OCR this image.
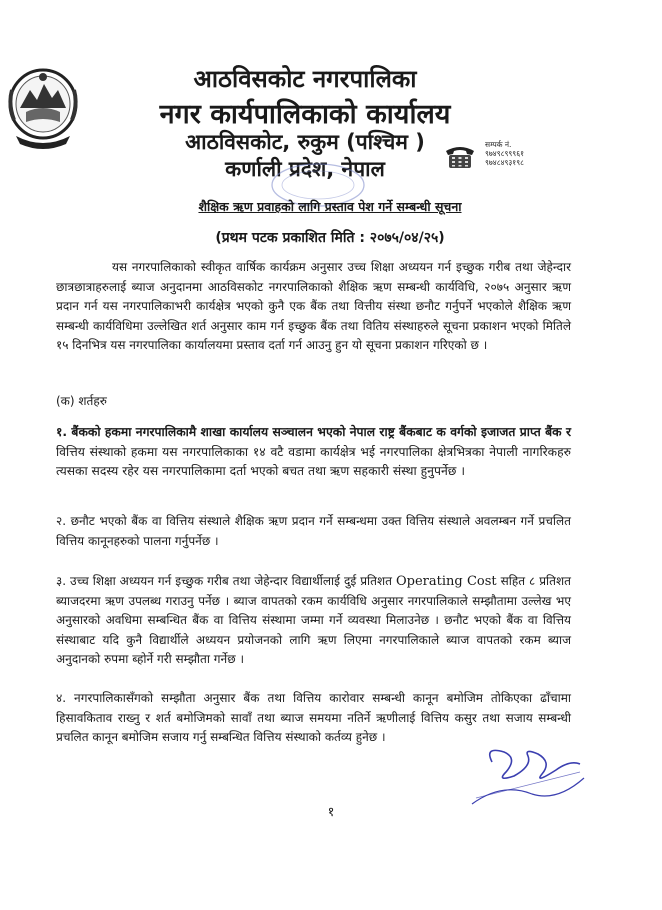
आठविसकोट नगरपालिका
नगर कार्यपालिकाको कार्यालय
आठविसकोट, रुकुम (पश्चिम )
कर्णाली प्रदेश, नेपाल
सम्पर्क नं.
९७४९८९९९६१
९७४८४९३१९८
शैक्षिक ऋण प्रवाहको लागि प्रस्ताव पेश गर्ने सम्बन्धी सूचना
(प्रथम पटक प्रकाशित मिति : २०७५/०४/२५)

यस नगरपालिकाको स्वीकृत वार्षिक कार्यक्रम अनुसार उच्च शिक्षा अध्ययन गर्न इच्छुक गरीब तथा जेहेन्दार छात्रछात्राहरुलाई ब्याज अनुदानमा आठविसकोट नगरपालिकाको शैक्षिक ऋण सम्बन्धी कार्यविधि, २०७५ अनुसार ऋण प्रदान गर्न यस नगरपालिकाभरी कार्यक्षेत्र भएको कुनै एक बैंक तथा वित्तीय संस्था छनौट गर्नुपर्ने भएकोले शैक्षिक ऋण सम्बन्धी कार्यविधिमा उल्लेखित शर्त अनुसार काम गर्न इच्छुक बैंक तथा वितिय संस्थाहरुले सूचना प्रकाशन भएको मितिले १५ दिनभित्र यस नगरपालिका कार्यालयमा प्रस्ताव दर्ता गर्न आउनु हुन यो सूचना प्रकाशन गरिएको छ ।

(क) शर्तहरु

१. बैंकको हकमा नगरपालिकामै शाखा कार्यालय सञ्चालन भएको नेपाल राष्ट्र बैंकबाट क वर्गको इजाजत प्राप्त बैंक र वित्तिय संस्थाको हकमा यस नगरपालिकाका १४ वटै वडामा कार्यक्षेत्र भई नगरपालिका क्षेत्रभित्रका नेपाली नागरिकहरु त्यसका सदस्य रहेर यस नगरपालिकामा दर्ता भएको बचत तथा ऋण सहकारी संस्था हुनुपर्नेछ ।

२. छनौट भएको बैंक वा वित्तिय संस्थाले शैक्षिक ऋण प्रदान गर्ने सम्बन्धमा उक्त वित्तिय संस्थाले अवलम्बन गर्ने प्रचलित वित्तिय कानूनहरुको पालना गर्नुपर्नेछ ।

३. उच्च शिक्षा अध्ययन गर्न इच्छुक गरीब तथा जेहेन्दार विद्यार्थीलाई दुई प्रतिशत Operating Cost सहित ८ प्रतिशत ब्याजदरमा ऋण उपलब्ध गराउनु पर्नेछ । ब्याज वापतको रकम कार्यविधि अनुसार नगरपालिकाले सम्झौतामा उल्लेख भए अनुसारको अवधिमा सम्बन्धित बैंक वा वित्तिय संस्थामा जम्मा गर्ने व्यवस्था मिलाउनेछ । छनौट भएको बैंक वा वित्तिय संस्थाबाट यदि कुनै विद्यार्थीले अध्ययन प्रयोजनको लागि ऋण लिएमा नगरपालिकाले ब्याज वापतको रकम ब्याज अनुदानको रुपमा ब्होर्ने गरी सम्झौता गर्नेछ ।

४. नगरपालिकासँगको सम्झौता अनुसार बैंक तथा वित्तिय कारोवार सम्बन्धी कानून बमोजिम तोकिएका ढाँचामा हिसावकिताव राख्नु र शर्त बमोजिमको सावाँ तथा ब्याज समयमा नतिर्ने ऋणीलाई वित्तिय कसुर तथा सजाय सम्बन्धी प्रचलित कानून बमोजिम सजाय गर्नु सम्बन्धित वित्तिय संस्थाको कर्तव्य हुनेछ ।

१
